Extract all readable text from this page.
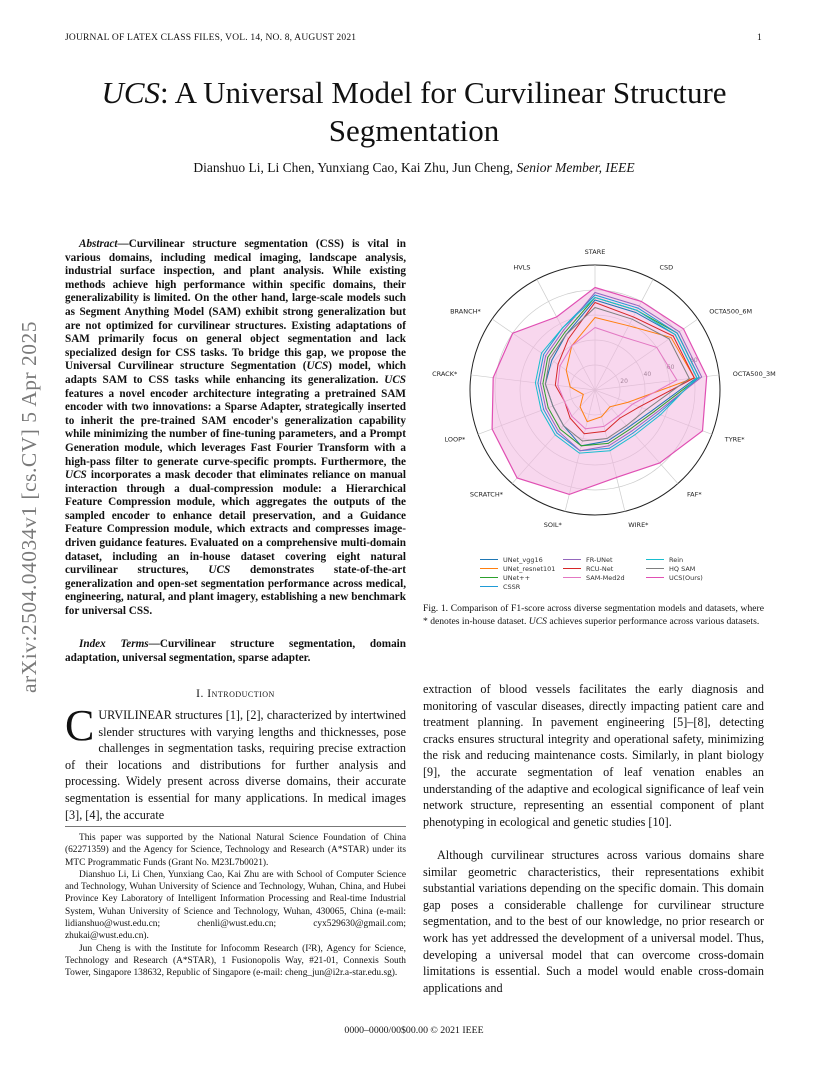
JOURNAL OF LATEX CLASS FILES, VOL. 14, NO. 8, AUGUST 2021	1
UCS: A Universal Model for Curvilinear Structure
Segmentation
Dianshuo Li, Li Chen, Yunxiang Cao, Kai Zhu, Jun Cheng, Senior Member, IEEE
arXiv:2504.04034v1 [cs.CV] 5 Apr 2025
Abstract—Curvilinear structure segmentation (CSS) is vital in various domains, including medical imaging, landscape analysis, industrial surface inspection, and plant analysis. While existing methods achieve high performance within specific domains, their generalizability is limited. On the other hand, large-scale models such as Segment Anything Model (SAM) exhibit strong generalization but are not optimized for curvilinear structures. Existing adaptations of SAM primarily focus on general object segmentation and lack specialized design for CSS tasks. To bridge this gap, we propose the Universal Curvilinear structure Segmentation (UCS) model, which adapts SAM to CSS tasks while enhancing its generalization. UCS features a novel encoder architecture integrating a pretrained SAM encoder with two innovations: a Sparse Adapter, strategically inserted to inherit the pre-trained SAM encoder's generalization capability while minimizing the number of fine-tuning parameters, and a Prompt Generation module, which leverages Fast Fourier Transform with a high-pass filter to generate curve-specific prompts. Furthermore, the UCS incorporates a mask decoder that eliminates reliance on manual interaction through a dual-compression module: a Hierarchical Feature Compression module, which aggregates the outputs of the sampled encoder to enhance detail preservation, and a Guidance Feature Compression module, which extracts and compresses image-driven guidance features. Evaluated on a comprehensive multi-domain dataset, including an in-house dataset covering eight natural curvilinear structures, UCS demonstrates state-of-the-art generalization and open-set segmentation performance across medical, engineering, natural, and plant imagery, establishing a new benchmark for universal CSS.
Index Terms—Curvilinear structure segmentation, domain adaptation, universal segmentation, sparse adapter.
I. Introduction
CURVILINEAR structures [1], [2], characterized by intertwined slender structures with varying lengths and thicknesses, pose challenges in segmentation tasks, requiring precise extraction of their locations and distributions for further analysis and processing. Widely present across diverse domains, their accurate segmentation is essential for many applications. In medical images [3], [4], the accurate

This paper was supported by the National Natural Science Foundation of China (62271359) and the Agency for Science, Technology and Research (A*STAR) under its MTC Programmatic Funds (Grant No. M23L7b0021).

Dianshuo Li, Li Chen, Yunxiang Cao, Kai Zhu are with School of Computer Science and Technology, Wuhan University of Science and Technology, Wuhan, China, and Hubei Province Key Laboratory of Intelligent Information Processing and Real-time Industrial System, Wuhan University of Science and Technology, Wuhan, 430065, China (e-mail: lidianshuo@wust.edu.cn; chenli@wust.edu.cn; cyx529630@gmail.com; zhukai@wust.edu.cn).

Jun Cheng is with the Institute for Infocomm Research (I²R), Agency for Science, Technology and Research (A*STAR), 1 Fusionopolis Way, #21-01, Connexis South Tower, Singapore 138632, Republic of Singapore (e-mail: cheng_jun@i2r.a-star.edu.sg).

STARE
CSD
OCTA500_6M
OCTA500_3M
TYRE*
FAF*
WIRE*
SOIL*
SCRATCH*
LOOP*
CRACK*
BRANCH*
HVLS
UNet_vgg16	FR-UNet	Rein
UNet_resnet101	RCU-Net	HQ SAM
UNet++	SAM-Med2d	UCS(Ours)
CSSR
Fig. 1. Comparison of F1-score across diverse segmentation models and datasets, where * denotes in-house dataset. UCS achieves superior performance across various datasets.
extraction of blood vessels facilitates the early diagnosis and monitoring of vascular diseases, directly impacting patient care and treatment planning. In pavement engineering [5]–[8], detecting cracks ensures structural integrity and operational safety, minimizing the risk and reducing maintenance costs. Similarly, in plant biology [9], the accurate segmentation of leaf venation enables an understanding of the adaptive and ecological significance of leaf vein network structure, representing an essential component of plant phenotyping in ecological and genetic studies [10].

Although curvilinear structures across various domains share similar geometric characteristics, their representations exhibit substantial variations depending on the specific domain. This domain gap poses a considerable challenge for curvilinear structure segmentation, and to the best of our knowledge, no prior research or work has yet addressed the development of a universal model. Thus, developing a universal model that can overcome cross-domain limitations is essential. Such a model would enable cross-domain applications and

0000–0000/00$00.00 © 2021 IEEE
